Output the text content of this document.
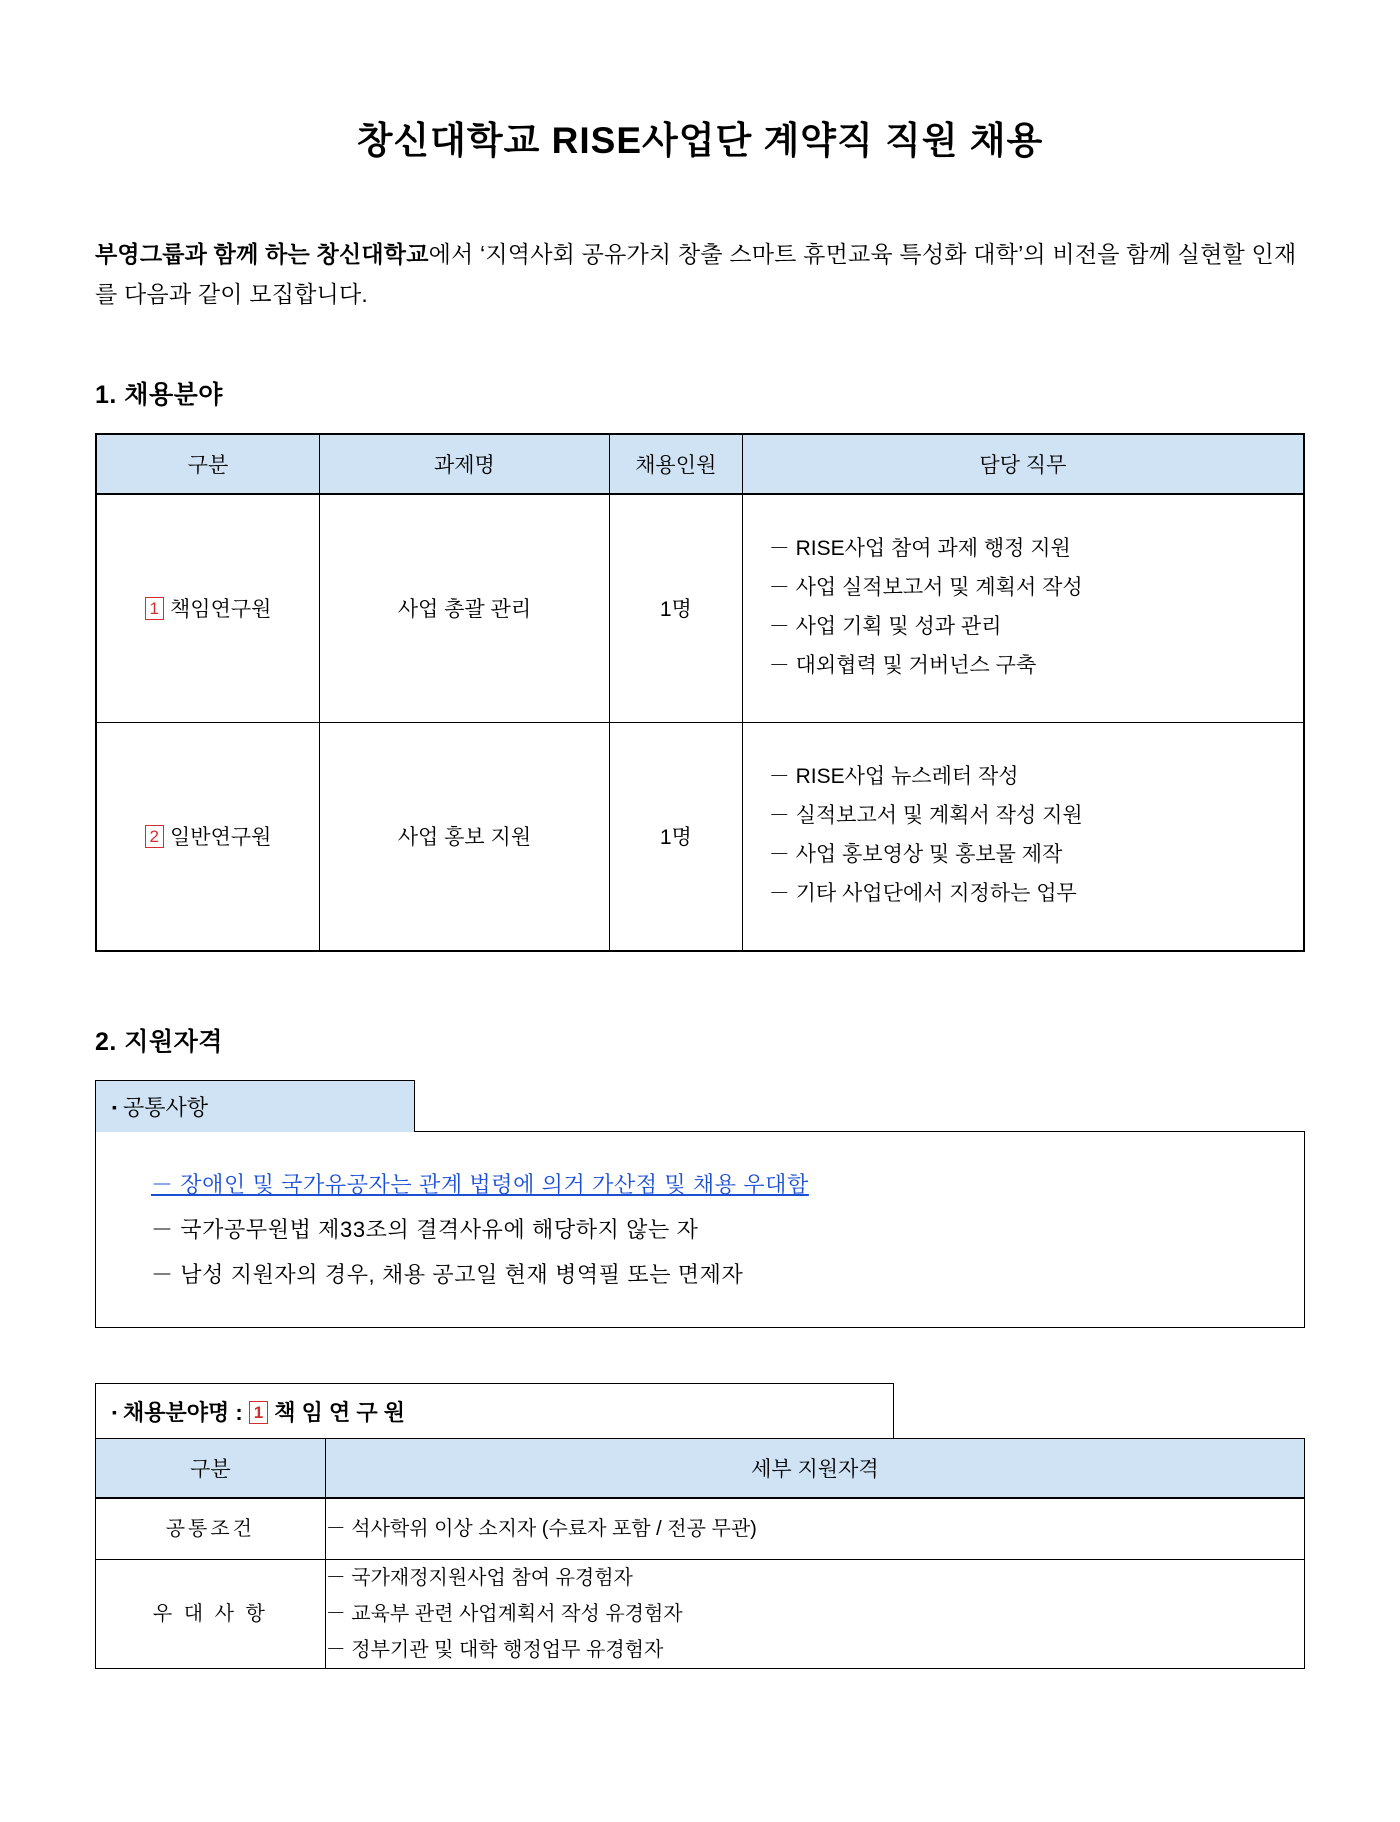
창신대학교 RISE사업단 계약직 직원 채용

부영그룹과 함께 하는 창신대학교에서 ‘지역사회 공유가치 창출 스마트 휴먼교육 특성화 대학’의 비전을 함께 실현할 인재를 다음과 같이 모집합니다.

1. 채용분야
구분	과제명	채용인원	담당 직무
1 책임연구원	사업 총괄 관리	1명	－ RISE사업 참여 과제 행정 지원
－ 사업 실적보고서 및 계획서 작성
－ 사업 기획 및 성과 관리
－ 대외협력 및 거버넌스 구축

2 일반연구원	사업 홍보 지원	1명	－ RISE사업 뉴스레터 작성
－ 실적보고서 및 계획서 작성 지원
－ 사업 홍보영상 및 홍보물 제작
－ 기타 사업단에서 지정하는 업무
2. 지원자격
▪ 공통사항
－ 장애인 및 국가유공자는 관계 법령에 의거 가산점 및 채용 우대함
－ 국가공무원법 제33조의 결격사유에 해당하지 않는 자
－ 남성 지원자의 경우, 채용 공고일 현재 병역필 또는 면제자
▪ 채용분야명 : 1 책 임 연 구 원
구분	세부 지원자격
공통조건	－ 석사학위 이상 소지자 (수료자 포함 / 전공 무관)

우 대 사 항	－ 국가재정지원사업 참여 유경험자
－ 교육부 관련 사업계획서 작성 유경험자
－ 정부기관 및 대학 행정업무 유경험자
